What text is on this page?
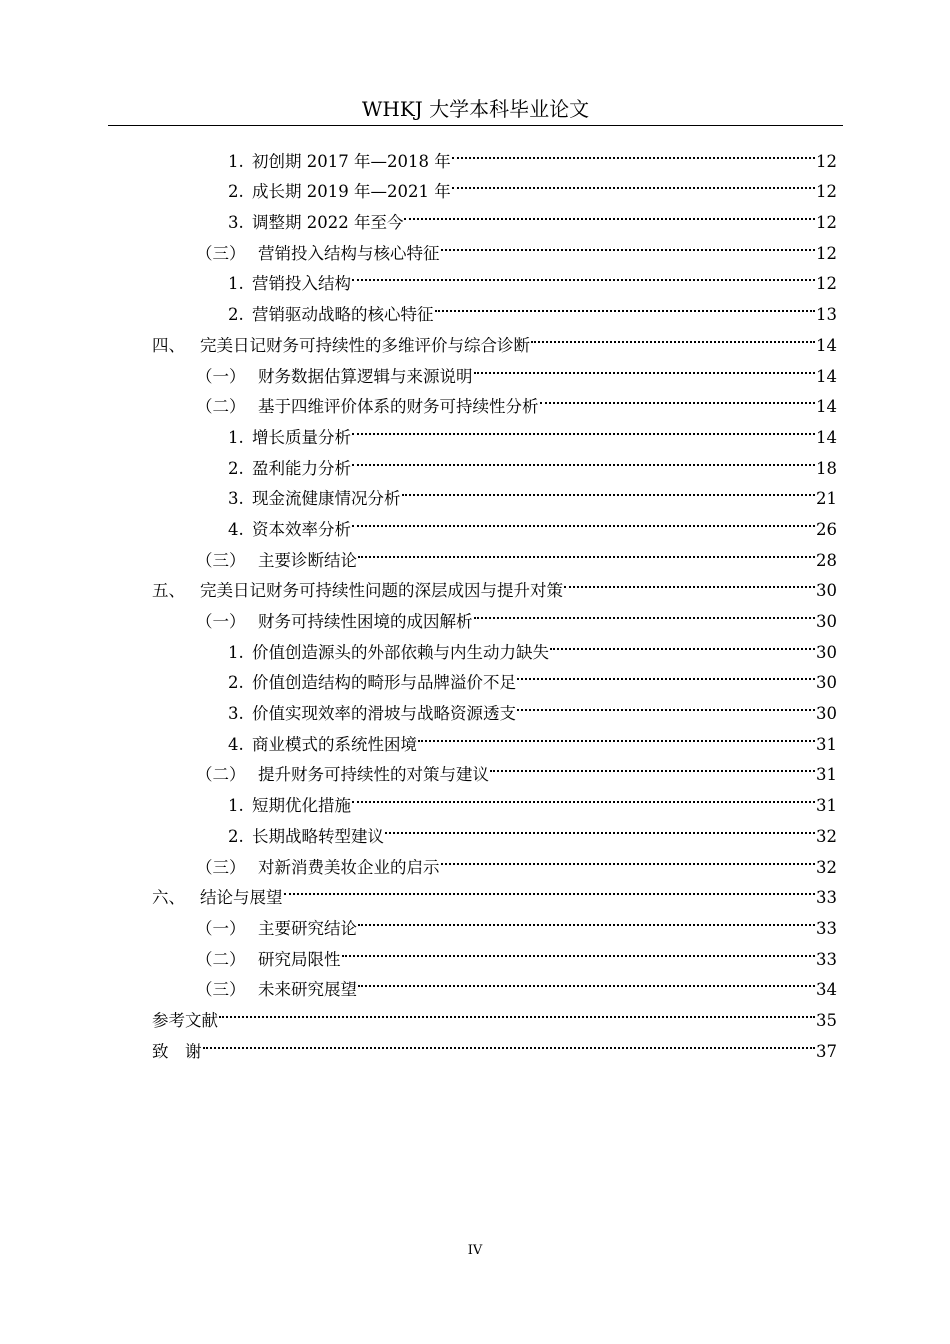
WHKJ 大学本科毕业论文
1. 初创期 2017 年—2018 年	12
2. 成长期 2019 年—2021 年	12
3. 调整期 2022 年至今	12
（三） 营销投入结构与核心特征	12
1. 营销投入结构	12
2. 营销驱动战略的核心特征	13
四、 完美日记财务可持续性的多维评价与综合诊断	14
（一） 财务数据估算逻辑与来源说明	14
（二） 基于四维评价体系的财务可持续性分析	14
1. 增长质量分析	14
2. 盈利能力分析	18
3. 现金流健康情况分析	21
4. 资本效率分析	26
（三） 主要诊断结论	28
五、 完美日记财务可持续性问题的深层成因与提升对策	30
（一） 财务可持续性困境的成因解析	30
1. 价值创造源头的外部依赖与内生动力缺失	30
2. 价值创造结构的畸形与品牌溢价不足	30
3. 价值实现效率的滑坡与战略资源透支	30
4. 商业模式的系统性困境	31
（二） 提升财务可持续性的对策与建议	31
1. 短期优化措施	31
2. 长期战略转型建议	32
（三） 对新消费美妆企业的启示	32
六、 结论与展望	33
（一） 主要研究结论	33
（二） 研究局限性	33
（三） 未来研究展望	34
参考文献	35
致　谢	37
IV
